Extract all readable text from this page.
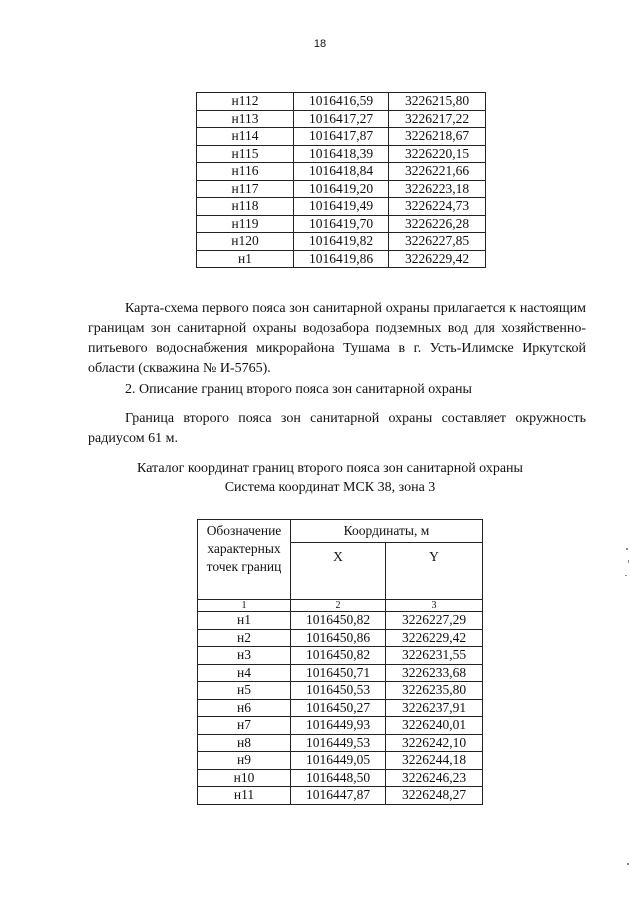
18
н112	1016416,59	3226215,80
н113	1016417,27	3226217,22
н114	1016417,87	3226218,67
н115	1016418,39	3226220,15
н116	1016418,84	3226221,66
н117	1016419,20	3226223,18
н118	1016419,49	3226224,73
н119	1016419,70	3226226,28
н120	1016419,82	3226227,85
н1	1016419,86	3226229,42
Карта-схема первого пояса зон санитарной охраны прилагается к настоящим границам зон санитарной охраны водозабора подземных вод для хозяйственно-питьевого водоснабжения микрорайона Тушама в г. Усть-Илимске Иркутской области (скважина № И-5765).
2. Описание границ второго пояса зон санитарной охраны
Граница второго пояса зон санитарной охраны составляет окружность радиусом 61 м.
Каталог координат границ второго пояса зон санитарной охраны
Система координат МСК 38, зона 3
Обозначение характерных точек границ	Координаты, м	
	X	Y
1	2	3
н1	1016450,82	3226227,29
н2	1016450,86	3226229,42
н3	1016450,82	3226231,55
н4	1016450,71	3226233,68
н5	1016450,53	3226235,80
н6	1016450,27	3226237,91
н7	1016449,93	3226240,01
н8	1016449,53	3226242,10
н9	1016449,05	3226244,18
н10	1016448,50	3226246,23
н11	1016447,87	3226248,27
